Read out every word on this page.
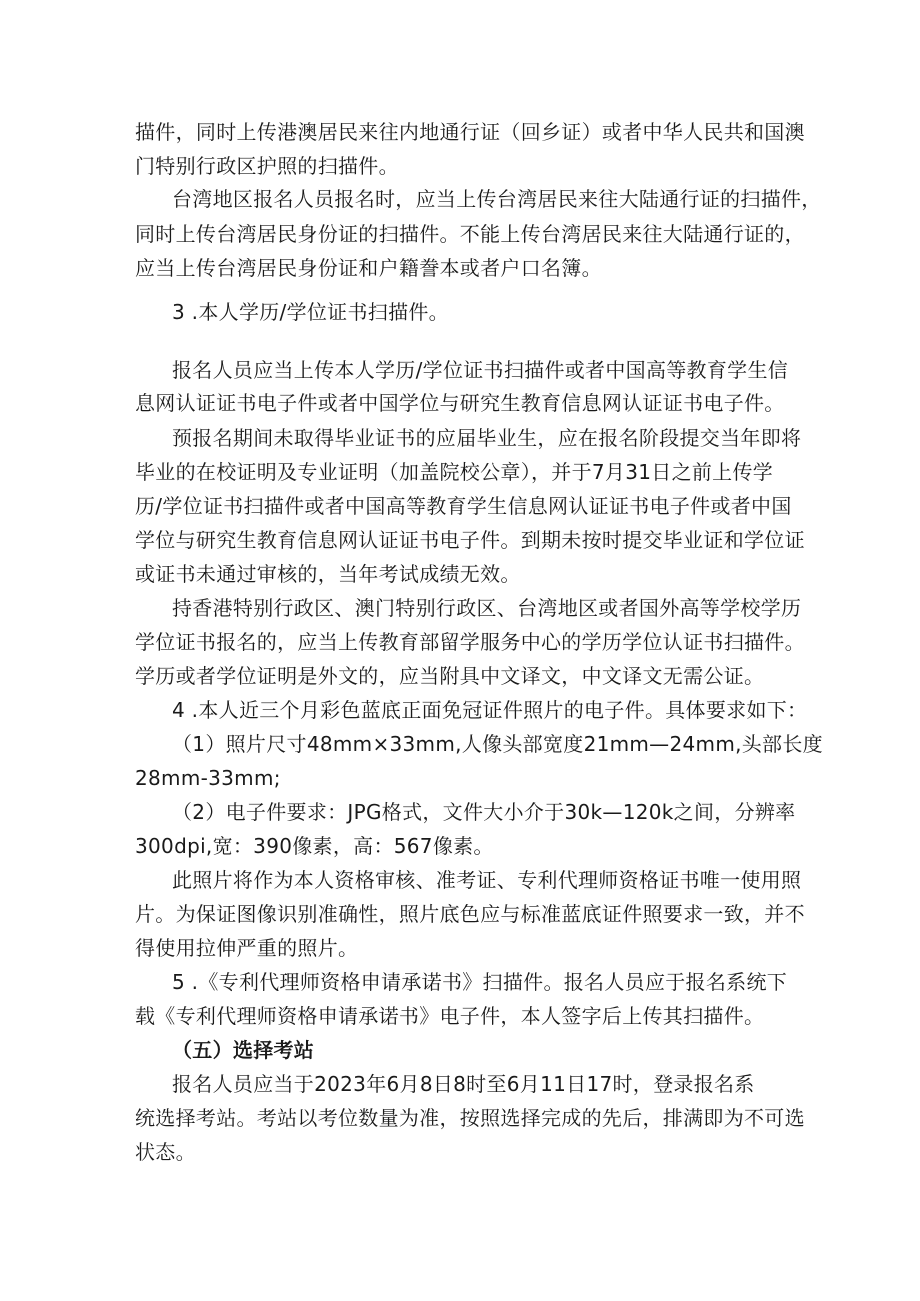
描件，同时上传港澳居民来往内地通行证（回乡证）或者中华人民共和国澳
门特别行政区护照的扫描件。
台湾地区报名人员报名时，应当上传台湾居民来往大陆通行证的扫描件，
同时上传台湾居民身份证的扫描件。不能上传台湾居民来往大陆通行证的，
应当上传台湾居民身份证和户籍誊本或者户口名簿。
3 .本人学历/学位证书扫描件。
报名人员应当上传本人学历/学位证书扫描件或者中国高等教育学生信
息网认证证书电子件或者中国学位与研究生教育信息网认证证书电子件。
预报名期间未取得毕业证书的应届毕业生，应在报名阶段提交当年即将
毕业的在校证明及专业证明（加盖院校公章），并于7月31日之前上传学
历/学位证书扫描件或者中国高等教育学生信息网认证证书电子件或者中国
学位与研究生教育信息网认证证书电子件。到期未按时提交毕业证和学位证
或证书未通过审核的，当年考试成绩无效。
持香港特别行政区、澳门特别行政区、台湾地区或者国外高等学校学历
学位证书报名的，应当上传教育部留学服务中心的学历学位认证书扫描件。
学历或者学位证明是外文的，应当附具中文译文，中文译文无需公证。
4 .本人近三个月彩色蓝底正面免冠证件照片的电子件。具体要求如下：
（1）照片尺寸48mm×33mm,人像头部宽度21mm—24mm,头部长度
28mm-33mm;
（2）电子件要求：JPG格式，文件大小介于30k—120k之间，分辨率
300dpi,宽：390像素，高：567像素。
此照片将作为本人资格审核、准考证、专利代理师资格证书唯一使用照
片。为保证图像识别准确性，照片底色应与标准蓝底证件照要求一致，并不
得使用拉伸严重的照片。
5 .《专利代理师资格申请承诺书》扫描件。报名人员应于报名系统下
载《专利代理师资格申请承诺书》电子件，本人签字后上传其扫描件。
（五）选择考站
报名人员应当于2023年6月8日8时至6月11日17时，登录报名系
统选择考站。考站以考位数量为准，按照选择完成的先后，排满即为不可选
状态。
